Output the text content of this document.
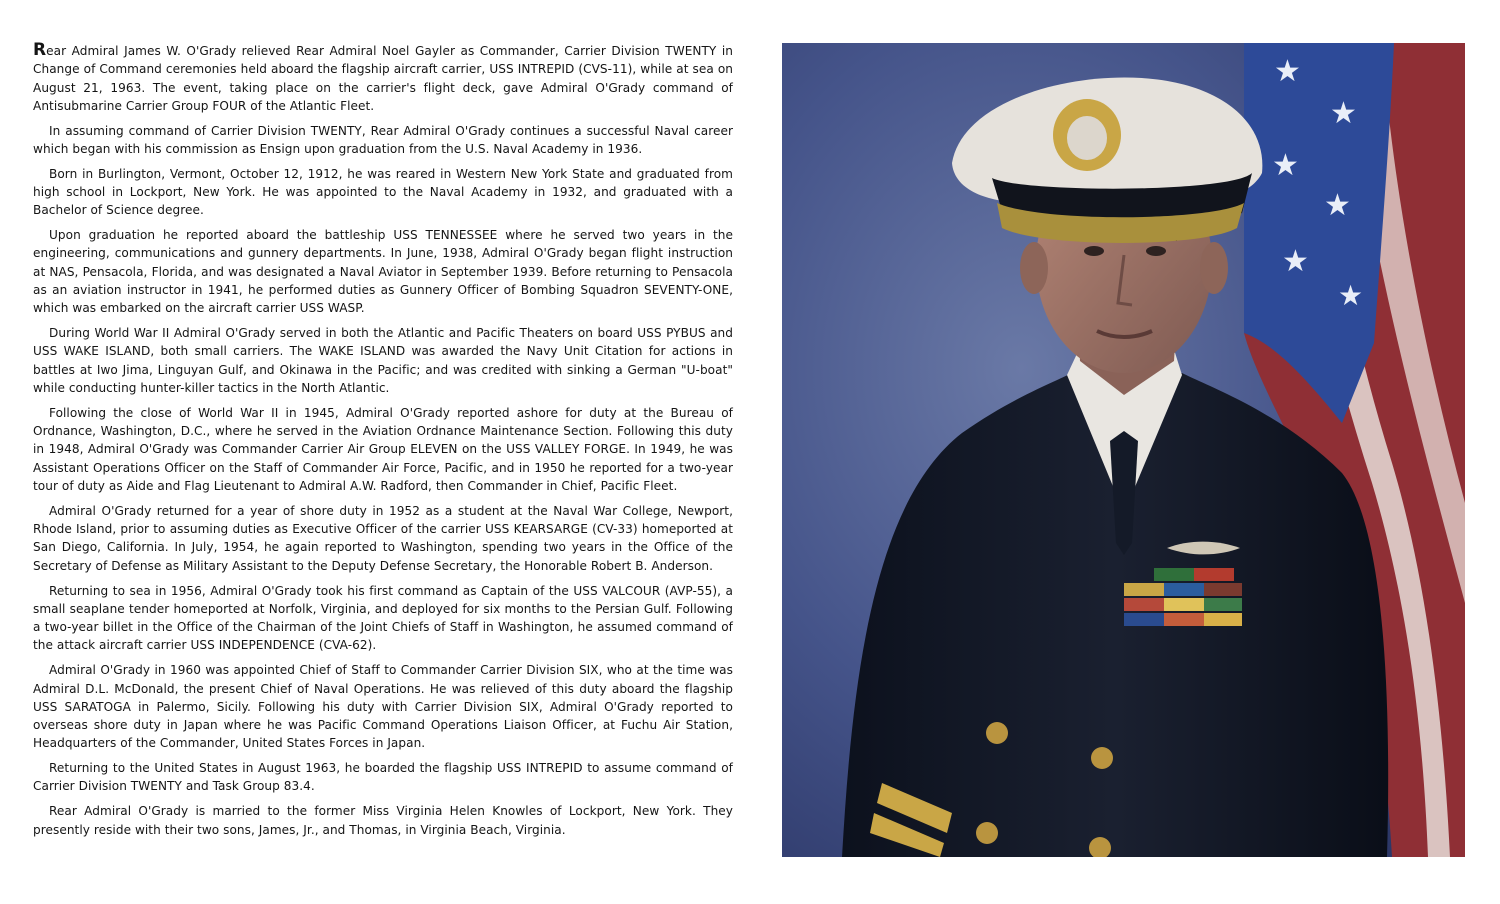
Rear Admiral James W. O'Grady relieved Rear Admiral Noel Gayler as Commander, Carrier Division TWENTY in Change of Command ceremonies held aboard the flagship aircraft carrier, USS INTREPID (CVS-11), while at sea on August 21, 1963. The event, taking place on the carrier's flight deck, gave Admiral O'Grady command of Antisubmarine Carrier Group FOUR of the Atlantic Fleet.

In assuming command of Carrier Division TWENTY, Rear Admiral O'Grady continues a successful Naval career which began with his commission as Ensign upon graduation from the U.S. Naval Academy in 1936.

Born in Burlington, Vermont, October 12, 1912, he was reared in Western New York State and graduated from high school in Lockport, New York. He was appointed to the Naval Academy in 1932, and graduated with a Bachelor of Science degree.

Upon graduation he reported aboard the battleship USS TENNESSEE where he served two years in the engineering, communications and gunnery departments. In June, 1938, Admiral O'Grady began flight instruction at NAS, Pensacola, Florida, and was designated a Naval Aviator in September 1939. Before returning to Pensacola as an aviation instructor in 1941, he performed duties as Gunnery Officer of Bombing Squadron SEVENTY-ONE, which was embarked on the aircraft carrier USS WASP.

During World War II Admiral O'Grady served in both the Atlantic and Pacific Theaters on board USS PYBUS and USS WAKE ISLAND, both small carriers. The WAKE ISLAND was awarded the Navy Unit Citation for actions in battles at Iwo Jima, Linguyan Gulf, and Okinawa in the Pacific; and was credited with sinking a German "U-boat" while conducting hunter-killer tactics in the North Atlantic.

Following the close of World War II in 1945, Admiral O'Grady reported ashore for duty at the Bureau of Ordnance, Washington, D.C., where he served in the Aviation Ordnance Maintenance Section. Following this duty in 1948, Admiral O'Grady was Commander Carrier Air Group ELEVEN on the USS VALLEY FORGE. In 1949, he was Assistant Operations Officer on the Staff of Commander Air Force, Pacific, and in 1950 he reported for a two-year tour of duty as Aide and Flag Lieutenant to Admiral A.W. Radford, then Commander in Chief, Pacific Fleet.

Admiral O'Grady returned for a year of shore duty in 1952 as a student at the Naval War College, Newport, Rhode Island, prior to assuming duties as Executive Officer of the carrier USS KEARSARGE (CV-33) homeported at San Diego, California. In July, 1954, he again reported to Washington, spending two years in the Office of the Secretary of Defense as Military Assistant to the Deputy Defense Secretary, the Honorable Robert B. Anderson.

Returning to sea in 1956, Admiral O'Grady took his first command as Captain of the USS VALCOUR (AVP-55), a small seaplane tender homeported at Norfolk, Virginia, and deployed for six months to the Persian Gulf. Following a two-year billet in the Office of the Chairman of the Joint Chiefs of Staff in Washington, he assumed command of the attack aircraft carrier USS INDEPENDENCE (CVA-62).

Admiral O'Grady in 1960 was appointed Chief of Staff to Commander Carrier Division SIX, who at the time was Admiral D.L. McDonald, the present Chief of Naval Operations. He was relieved of this duty aboard the flagship USS SARATOGA in Palermo, Sicily. Following his duty with Carrier Division SIX, Admiral O'Grady reported to overseas shore duty in Japan where he was Pacific Command Operations Liaison Officer, at Fuchu Air Station, Headquarters of the Commander, United States Forces in Japan.

Returning to the United States in August 1963, he boarded the flagship USS INTREPID to assume command of Carrier Division TWENTY and Task Group 83.4.

Rear Admiral O'Grady is married to the former Miss Virginia Helen Knowles of Lockport, New York. They presently reside with their two sons, James, Jr., and Thomas, in Virginia Beach, Virginia.

★
★
★
★
★
★
